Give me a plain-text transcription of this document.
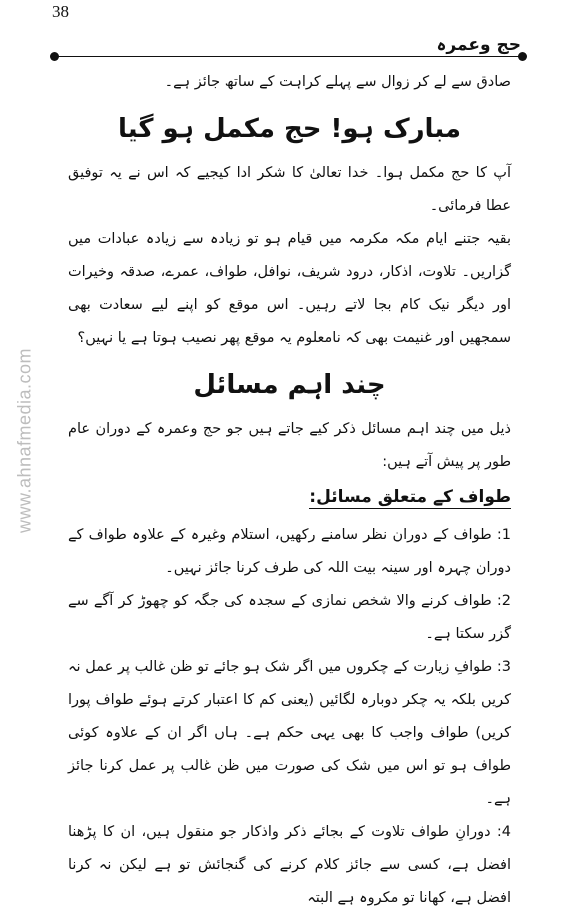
38
حج وعمرہ
www.ahnafmedia.com

صادق سے لے کر زوال سے پہلے کراہت کے ساتھ جائز ہے۔

مبارک ہو! حج مکمل ہو گیا

آپ کا حج مکمل ہوا۔ خدا تعالیٰ کا شکر ادا کیجیے کہ اس نے یہ توفیق عطا فرمائی۔

بقیہ جتنے ایام مکہ مکرمہ میں قیام ہو تو زیادہ سے زیادہ عبادات میں گزاریں۔ تلاوت، اذکار، درود شریف، نوافل، طواف، عمرے، صدقہ وخیرات اور دیگر نیک کام بجا لاتے رہیں۔ اس موقع کو اپنے لیے سعادت بھی سمجھیں اور غنیمت بھی کہ نامعلوم یہ موقع پھر نصیب ہوتا ہے یا نہیں؟

چند اہم مسائل

ذیل میں چند اہم مسائل ذکر کیے جاتے ہیں جو حج وعمرہ کے دوران عام طور پر پیش آتے ہیں:

طواف کے متعلق مسائل:

1: طواف کے دوران نظر سامنے رکھیں، استلام وغیرہ کے علاوہ طواف کے دوران چہرہ اور سینہ بیت اللہ کی طرف کرنا جائز نہیں۔

2: طواف کرنے والا شخص نمازی کے سجدہ کی جگہ کو چھوڑ کر آگے سے گزر سکتا ہے۔

3: طوافِ زیارت کے چکروں میں اگر شک ہو جائے تو ظن غالب پر عمل نہ کریں بلکہ یہ چکر دوبارہ لگائیں (یعنی کم کا اعتبار کرتے ہوئے طواف پورا کریں) طواف واجب کا بھی یہی حکم ہے۔ ہاں اگر ان کے علاوہ کوئی طواف ہو تو اس میں شک کی صورت میں ظن غالب پر عمل کرنا جائز ہے۔

4: دورانِ طواف تلاوت کے بجائے ذکر واذکار جو منقول ہیں، ان کا پڑھنا افضل ہے، کسی سے جائز کلام کرنے کی گنجائش تو ہے لیکن نہ کرنا افضل ہے، کھانا تو مکروہ ہے البتہ
